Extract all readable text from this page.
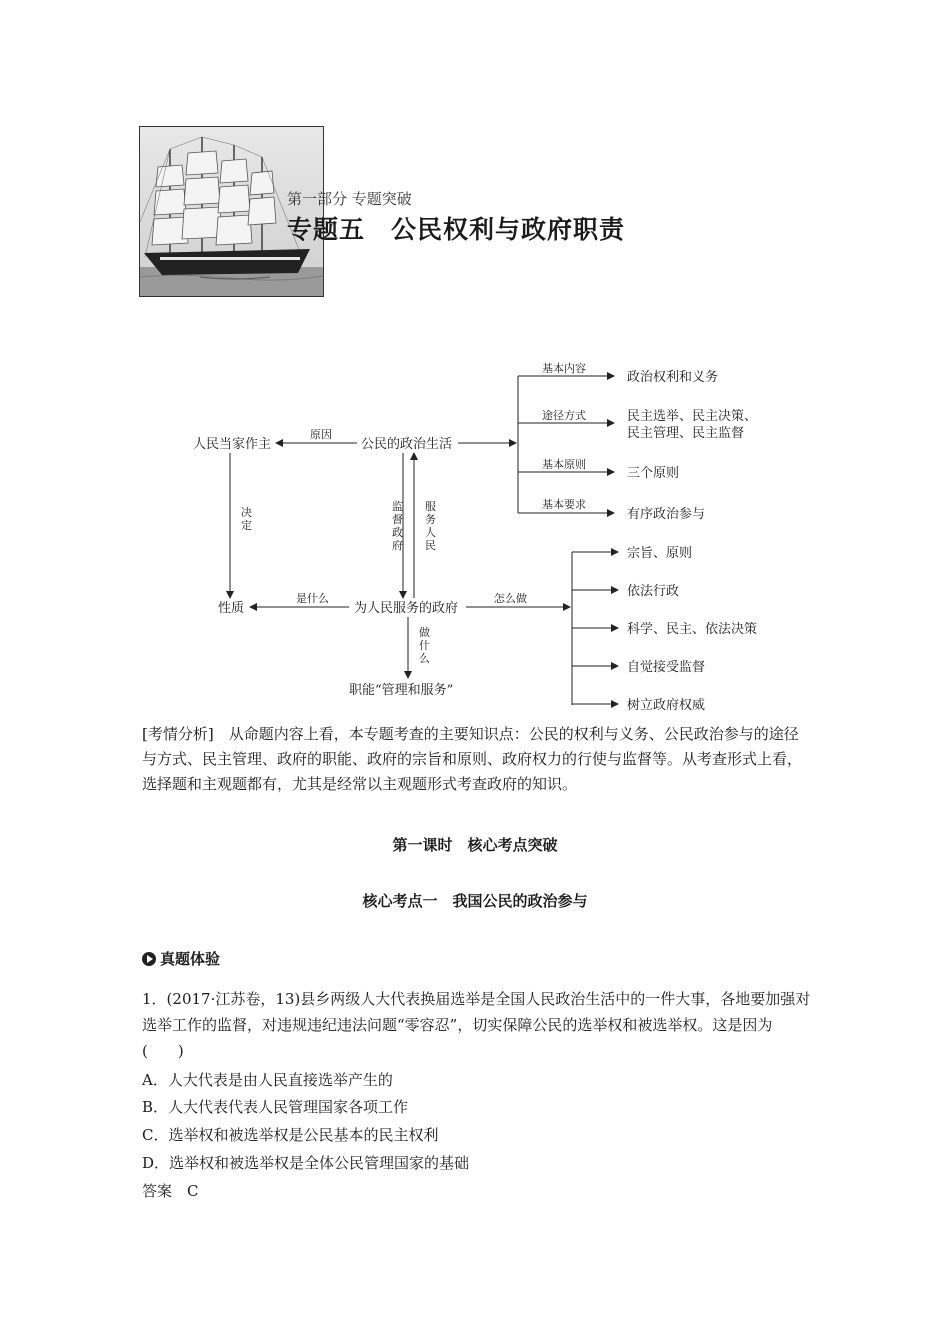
第一部分 专题突破
专题五　公民权利与政府职责
人民当家作主
原因
公民的政治生活
基本内容
途径方式
基本原则
基本要求
政治权利和义务
民主选举、民主决策、
民主管理、民主监督
三个原则
有序政治参与
决定
监督政府
服务人民
性质
是什么
为人民服务的政府
怎么做
做什么
宗旨、原则
依法行政
科学、民主、依法决策
自觉接受监督
树立政府权威
职能“管理和服务”
[考情分析]　从命题内容上看，本专题考查的主要知识点：公民的权利与义务、公民政治参与的途径与方式、民主管理、政府的职能、政府的宗旨和原则、政府权力的行使与监督等。从考查形式上看，选择题和主观题都有，尤其是经常以主观题形式考查政府的知识。
第一课时　核心考点突破
核心考点一　我国公民的政治参与
真题体验
1．(2017·江苏卷，13)县乡两级人大代表换届选举是全国人民政治生活中的一件大事，各地要加强对选举工作的监督，对违规违纪违法问题“零容忍”，切实保障公民的选举权和被选举权。这是因为(　　)
A．人大代表是由人民直接选举产生的
B．人大代表代表人民管理国家各项工作
C．选举权和被选举权是公民基本的民主权利
D．选举权和被选举权是全体公民管理国家的基础
答案　C
